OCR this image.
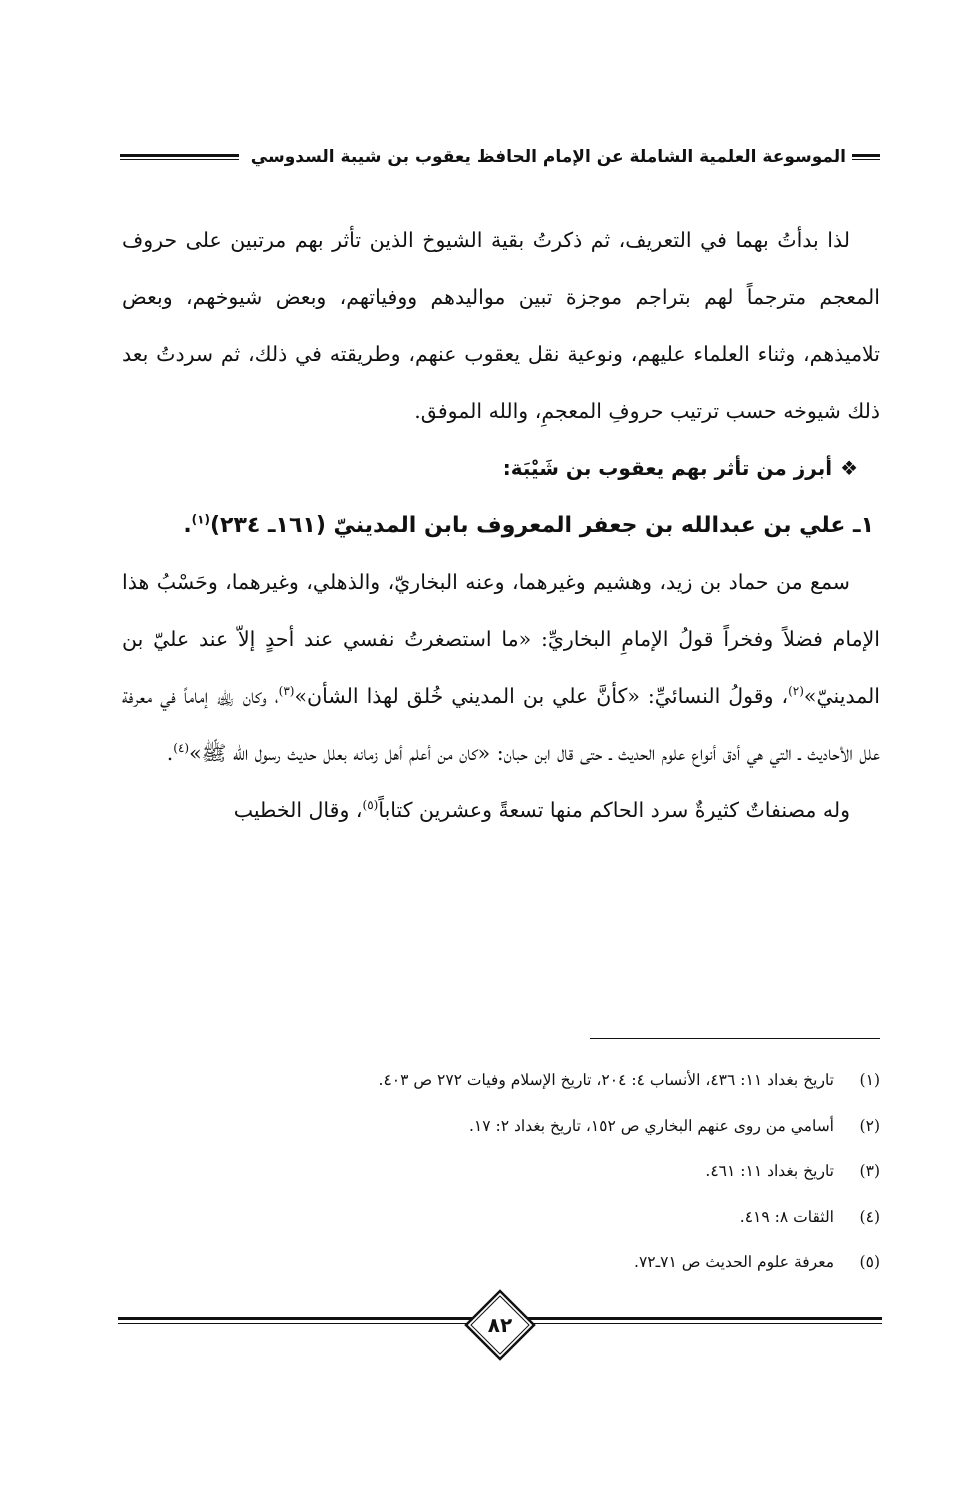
الموسوعة العلمية الشاملة عن الإمام الحافظ يعقوب بن شيبة السدوسي

لذا بدأتُ بهما في التعريف، ثم ذكرتُ بقية الشيوخ الذين تأثر بهم مرتبين على حروف المعجم مترجماً لهم بتراجم موجزة تبين مواليدهم ووفياتهم، وبعض شيوخهم، وبعض تلاميذهم، وثناء العلماء عليهم، ونوعية نقل يعقوب عنهم، وطريقته في ذلك، ثم سردتُ بعد ذلك شيوخه حسب ترتيب حروفِ المعجمِ، والله الموفق.

❖أبرز من تأثر بهم يعقوب بن شَيْبَة:

١ـ علي بن عبدالله بن جعفر المعروف بابن المدينيّ (١٦١ـ ٢٣٤)$^{(١)}$.

سمع من حماد بن زيد، وهشيم وغيرهما، وعنه البخاريّ، والذهلي، وغيرهما، وحَسْبُ هذا الإمام فضلاً وفخراً قولُ الإمامِ البخاريِّ: «ما استصغرتُ نفسي عند أحدٍ إلاّ عند عليّ بن المدينيّ»$^{(٢)}$، وقولُ النسائيِّ: «كأنَّ علي بن المديني خُلق لهذا الشأن»$^{(٣)}$، وكان ﵀ إماماً في معرفة علل الأحاديث ـ التي هي أدق أنواع علوم الحديث ـ حتى قال ابن حبان: «كان من أعلم أهل زمانه بعلل حديث رسول الله ﷺ»$^{(٤)}$.

وله مصنفاتٌ كثيرةٌ سرد الحاكم منها تسعةً وعشرين كتاباً$^{(٥)}$، وقال الخطيب

(١)
تاريخ بغداد ١١: ٤٣٦، الأنساب ٤: ٢٠٤، تاريخ الإسلام وفيات ٢٧٢ ص ٤٠٣.
(٢)
أسامي من روى عنهم البخاري ص ١٥٢، تاريخ بغداد ٢: ١٧.
(٣)
تاريخ بغداد ١١: ٤٦١.
(٤)
الثقات ٨: ٤١٩.
(٥)
معرفة علوم الحديث ص ٧١ـ٧٢.
٨٢
